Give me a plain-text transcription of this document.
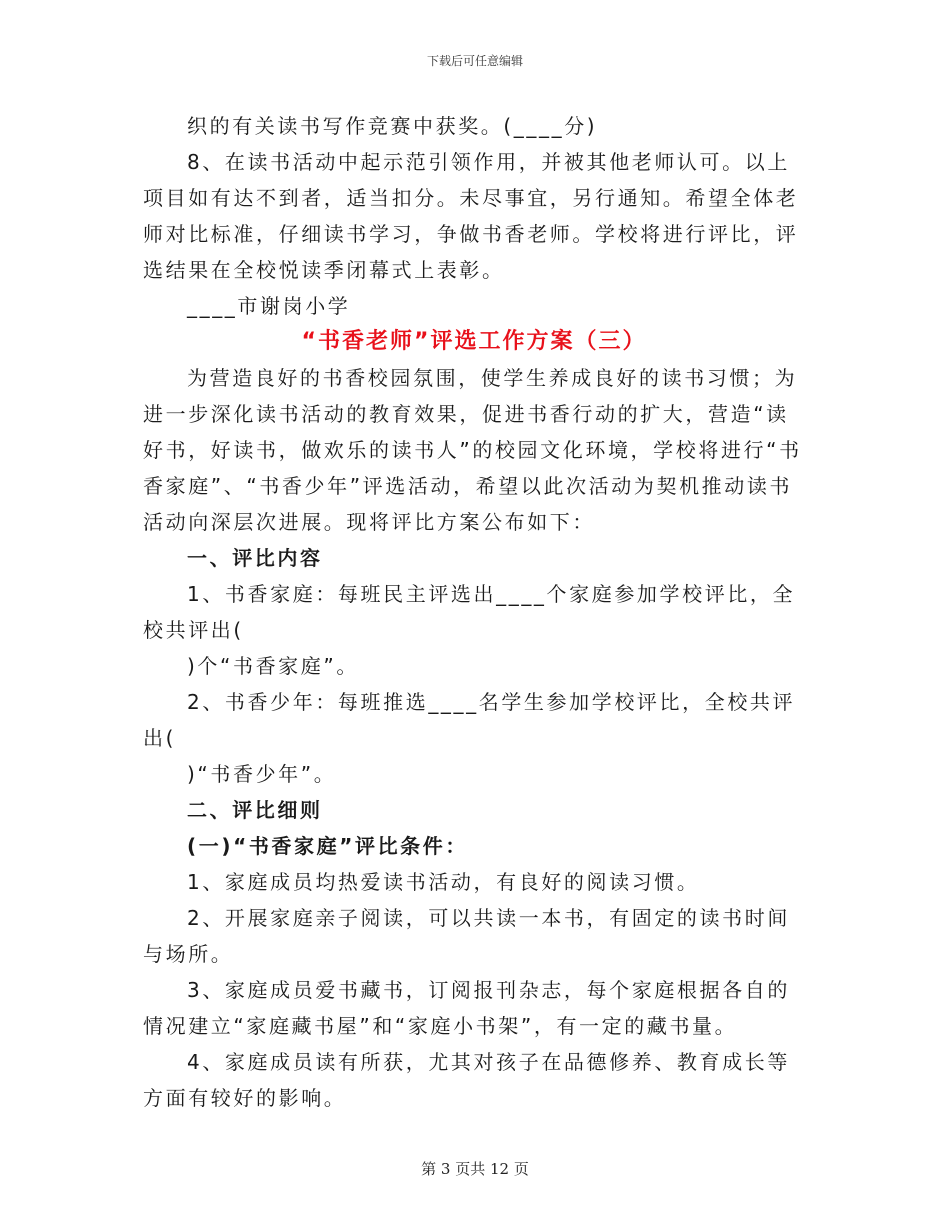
下载后可任意编辑

织的有关读书写作竞赛中获奖。(____分)

8、在读书活动中起示范引领作用，并被其他老师认可。以上项目如有达不到者，适当扣分。未尽事宜，另行通知。希望全体老师对比标准，仔细读书学习，争做书香老师。学校将进行评比，评选结果在全校悦读季闭幕式上表彰。

____市谢岗小学

“书香老师”评选工作方案（三）

为营造良好的书香校园氛围，使学生养成良好的读书习惯；为进一步深化读书活动的教育效果，促进书香行动的扩大，营造“读好书，好读书，做欢乐的读书人”的校园文化环境，学校将进行“书香家庭”、“书香少年”评选活动，希望以此次活动为契机推动读书活动向深层次进展。现将评比方案公布如下：

一、评比内容

1、书香家庭：每班民主评选出____个家庭参加学校评比，全校共评出(

)个“书香家庭”。

2、书香少年：每班推选____名学生参加学校评比，全校共评出(

)“书香少年”。

二、评比细则

(一)“书香家庭”评比条件：

1、家庭成员均热爱读书活动，有良好的阅读习惯。

2、开展家庭亲子阅读，可以共读一本书，有固定的读书时间与场所。

3、家庭成员爱书藏书，订阅报刊杂志，每个家庭根据各自的情况建立“家庭藏书屋”和“家庭小书架”，有一定的藏书量。

4、家庭成员读有所获，尤其对孩子在品德修养、教育成长等方面有较好的影响。

第 3 页共 12 页
